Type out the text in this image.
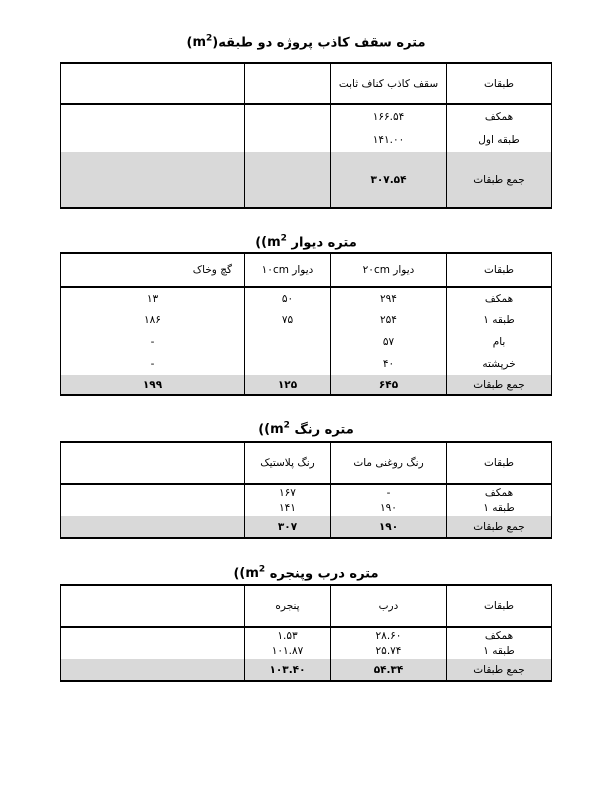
متره سقف کاذب پروژه دو $طبقه(m^2)$
طبقات	سقف کاذب کناف ثابت		
همکف	۱۶۶.۵۴		
طبقه اول	۱۴۱.۰۰		
جمع طبقات	۳۰۷.۵۴		
متره دیوار $(m^2)$
طبقات	دیوار ۲۰cm	دیوار ۱۰cm	گچ وخاک
همکف	۲۹۴	۵۰	۱۳
طبقه ۱	۲۵۴	۷۵	۱۸۶
بام	۵۷		-
خرپشته	۴۰		-
جمع طبقات	۶۴۵	۱۲۵	۱۹۹
متره رنگ $(m^2)$
طبقات	رنگ روغنی مات	رنگ پلاستیک	
همکف	-	۱۶۷	
طبقه ۱	۱۹۰	۱۴۱	
جمع طبقات	۱۹۰	۳۰۷	
متره درب وپنجره $(m^2)$
طبقات	درب	پنجره	
همکف	۲۸.۶۰	۱.۵۳	
طبقه ۱	۲۵.۷۴	۱۰۱.۸۷	
جمع طبقات	۵۴.۳۴	۱۰۳.۴۰	
